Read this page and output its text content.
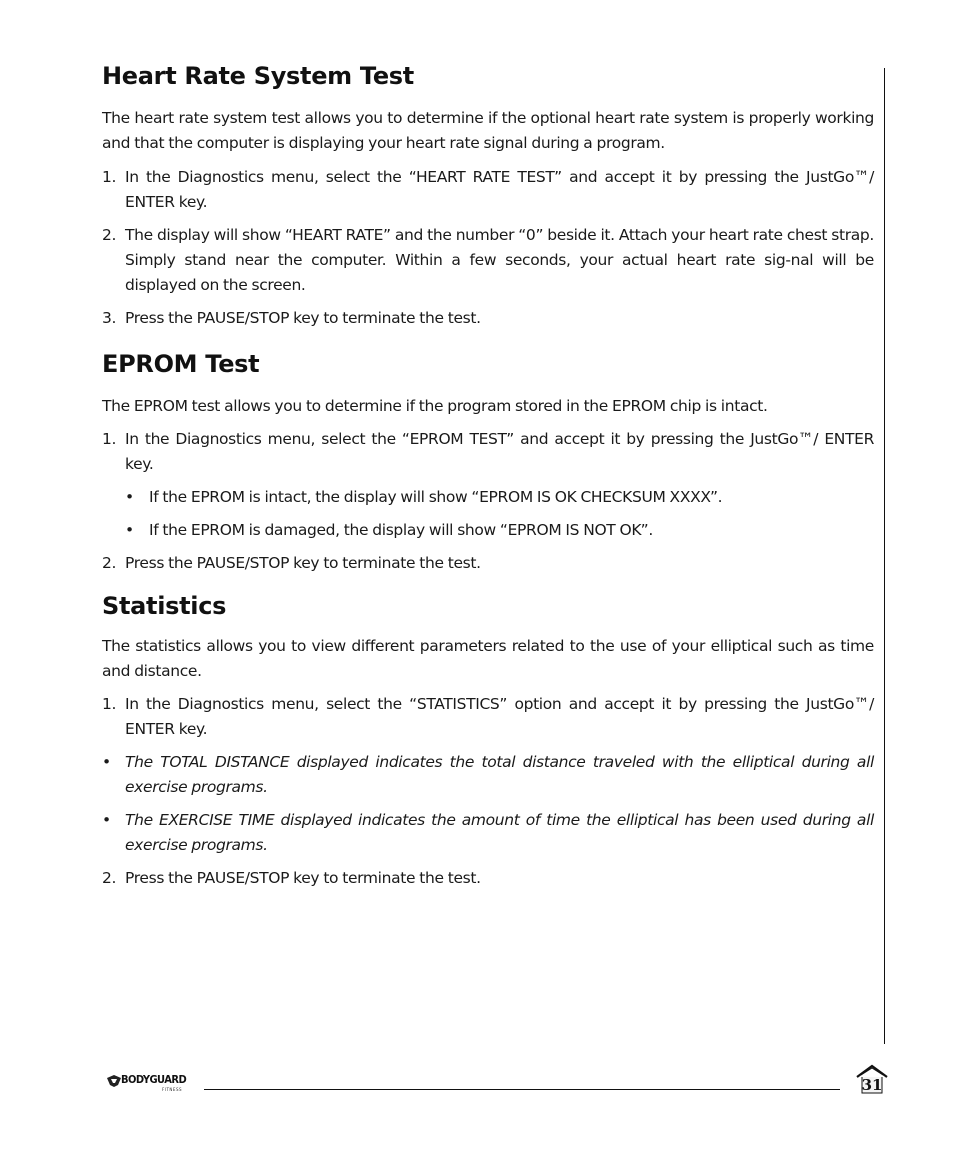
Heart Rate System Test

The heart rate system test allows you to determine if the optional heart rate system is properly working and that the computer is displaying your heart rate signal during a program.

1. In the Diagnostics menu, select the “HEART RATE TEST” and accept it by pressing the JustGo™/ ENTER key.
2. The display will show “HEART RATE” and the number “0” beside it. Attach your heart rate chest strap. Simply stand near the computer. Within a few seconds, your actual heart rate sig-nal will be displayed on the screen.
3. Press the PAUSE/STOP key to terminate the test.
EPROM Test

The EPROM test allows you to determine if the program stored in the EPROM chip is intact.

1. In the Diagnostics menu, select the “EPROM TEST” and accept it by pressing the JustGo™/ ENTER key.
• If the EPROM is intact, the display will show “EPROM IS OK CHECKSUM XXXX”.
• If the EPROM is damaged, the display will show “EPROM IS NOT OK”.
2. Press the PAUSE/STOP key to terminate the test.
Statistics

The statistics allows you to view different parameters related to the use of your elliptical such as time and distance.

1. In the Diagnostics menu, select the “STATISTICS” option and accept it by pressing the JustGo™/ ENTER key.
• The TOTAL DISTANCE displayed indicates the total distance traveled with the elliptical during all exercise programs.
• The EXERCISE TIME displayed indicates the amount of time the elliptical has been used during all exercise programs.
2. Press the PAUSE/STOP key to terminate the test.
BODYGUARD
FITNESS	31
